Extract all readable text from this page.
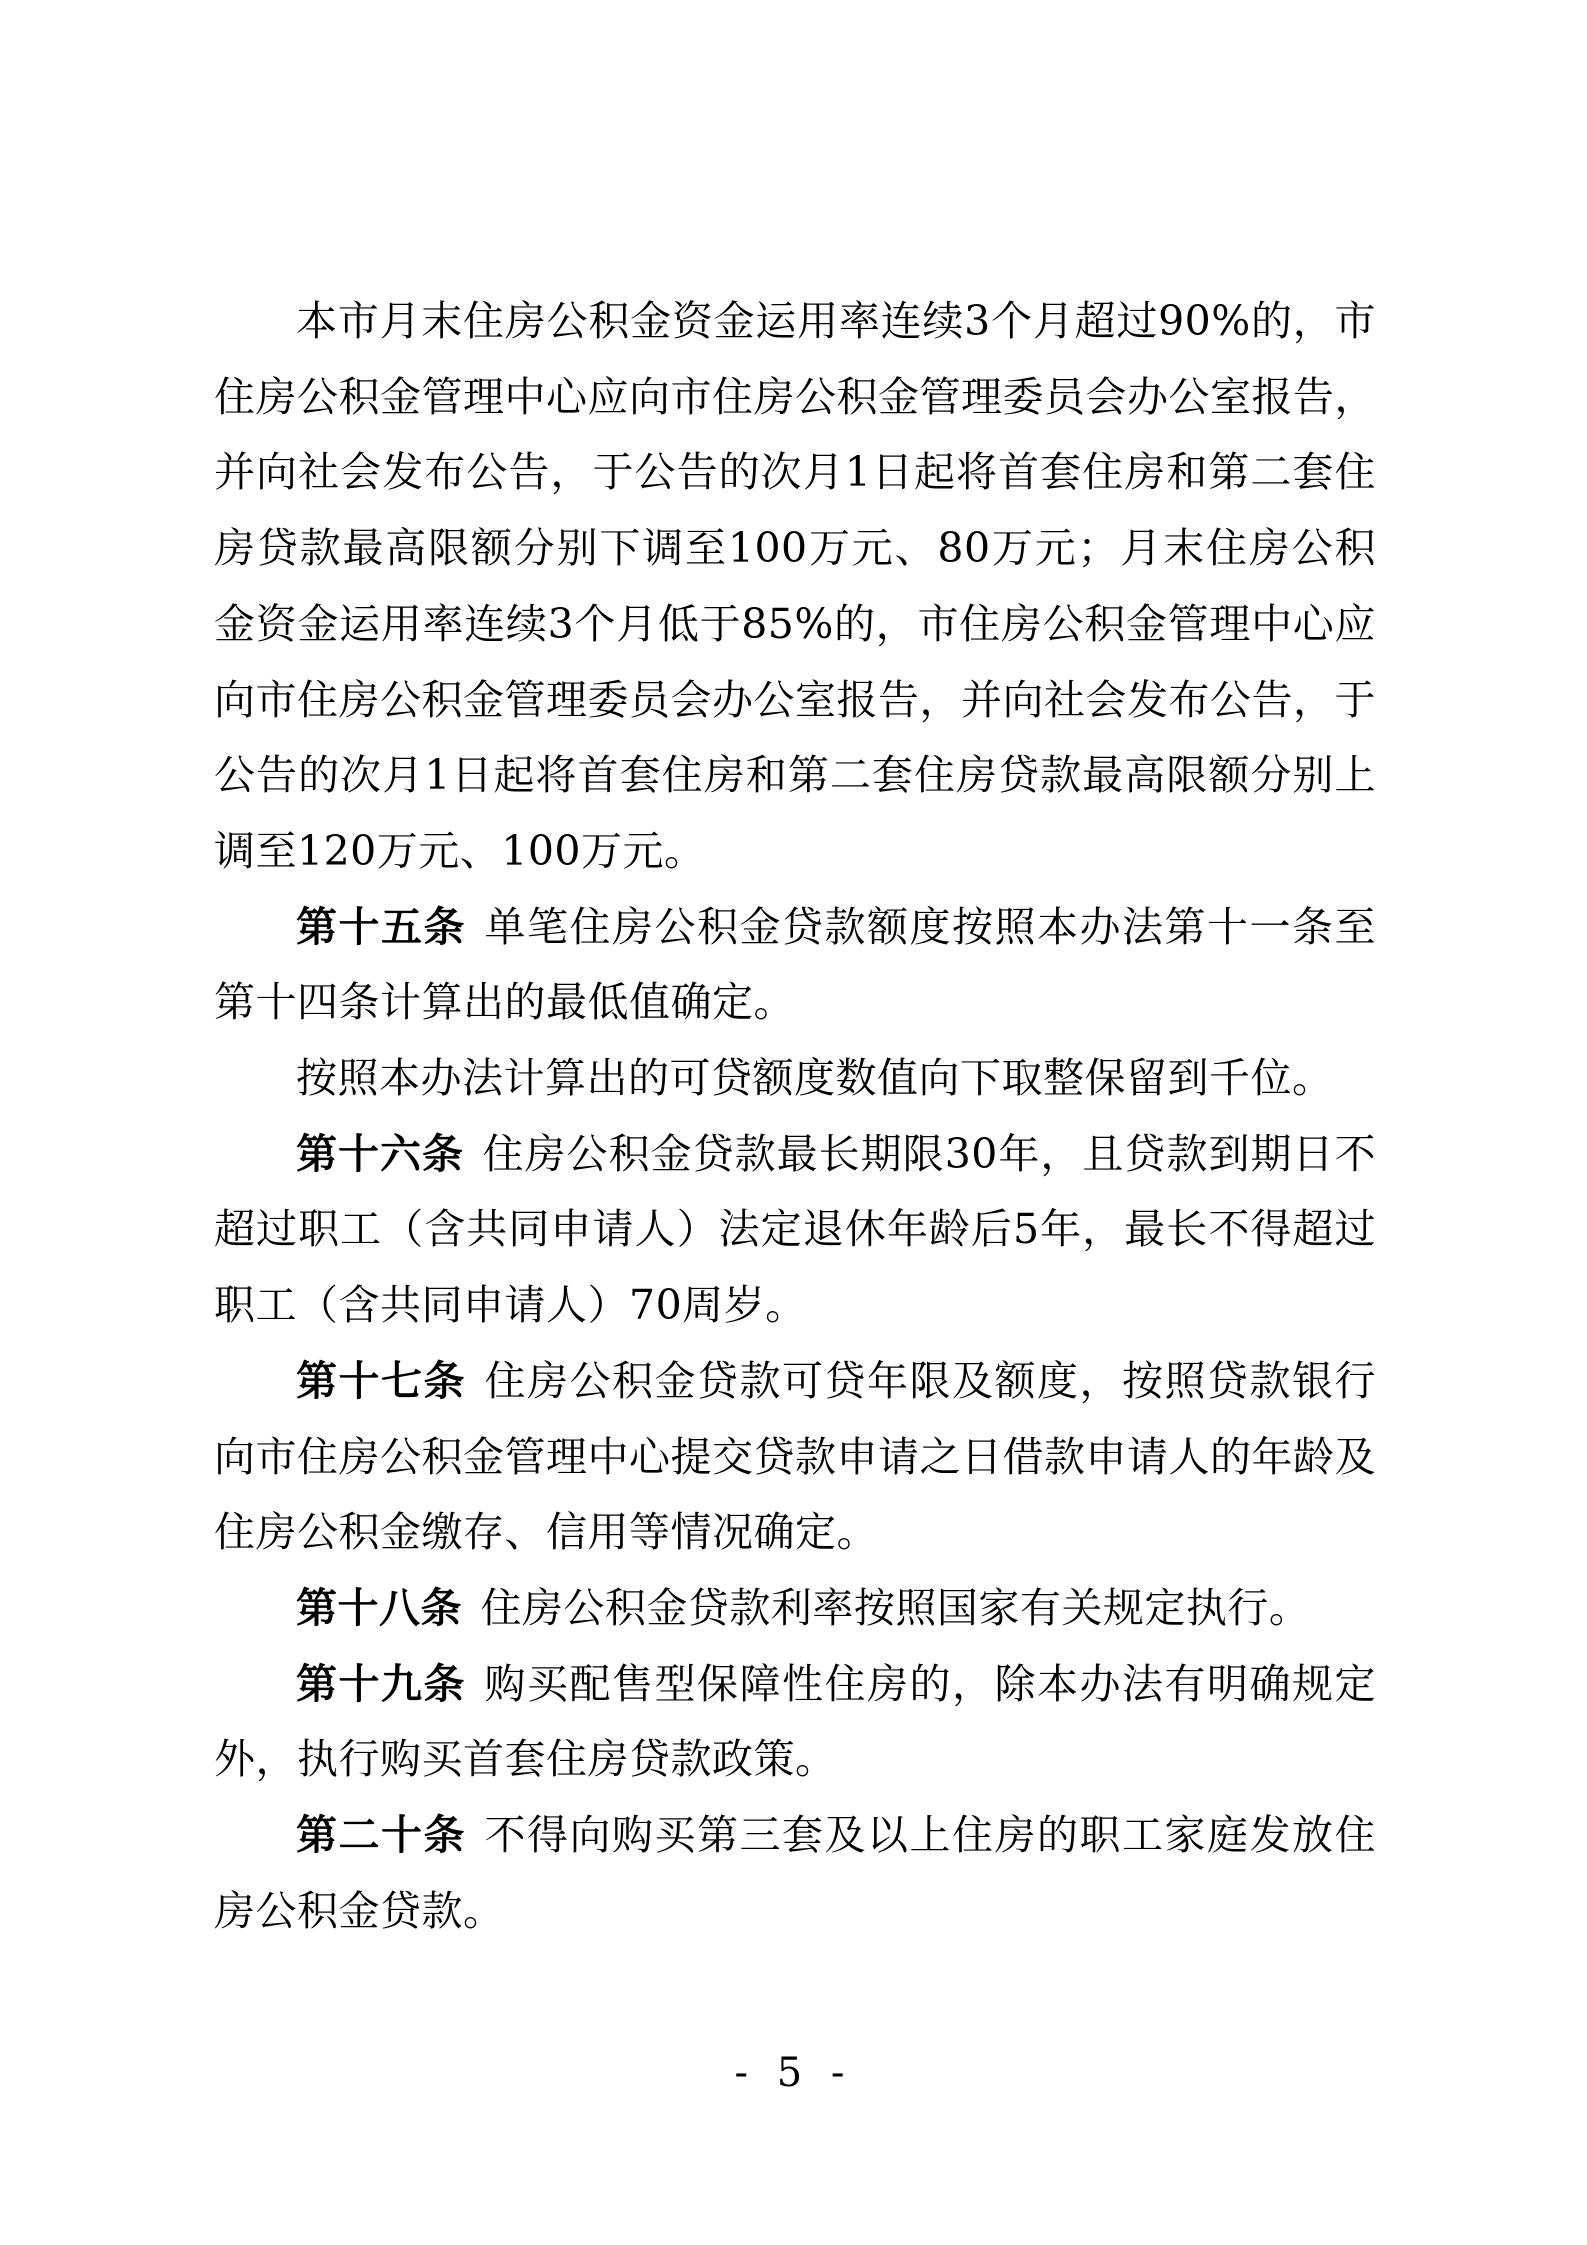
本市月末住房公积金资金运用率连续3个月超过90%的，市住房公积金管理中心应向市住房公积金管理委员会办公室报告，并向社会发布公告，于公告的次月1日起将首套住房和第二套住房贷款最高限额分别下调至100万元、80万元；月末住房公积金资金运用率连续3个月低于85%的，市住房公积金管理中心应向市住房公积金管理委员会办公室报告，并向社会发布公告，于公告的次月1日起将首套住房和第二套住房贷款最高限额分别上调至120万元、100万元。

第十五条 单笔住房公积金贷款额度按照本办法第十一条至第十四条计算出的最低值确定。

按照本办法计算出的可贷额度数值向下取整保留到千位。

第十六条 住房公积金贷款最长期限30年，且贷款到期日不超过职工（含共同申请人）法定退休年龄后5年，最长不得超过职工（含共同申请人）70周岁。

第十七条 住房公积金贷款可贷年限及额度，按照贷款银行向市住房公积金管理中心提交贷款申请之日借款申请人的年龄及住房公积金缴存、信用等情况确定。

第十八条 住房公积金贷款利率按照国家有关规定执行。

第十九条 购买配售型保障性住房的，除本办法有明确规定外，执行购买首套住房贷款政策。

第二十条 不得向购买第三套及以上住房的职工家庭发放住房公积金贷款。

- 5 -
